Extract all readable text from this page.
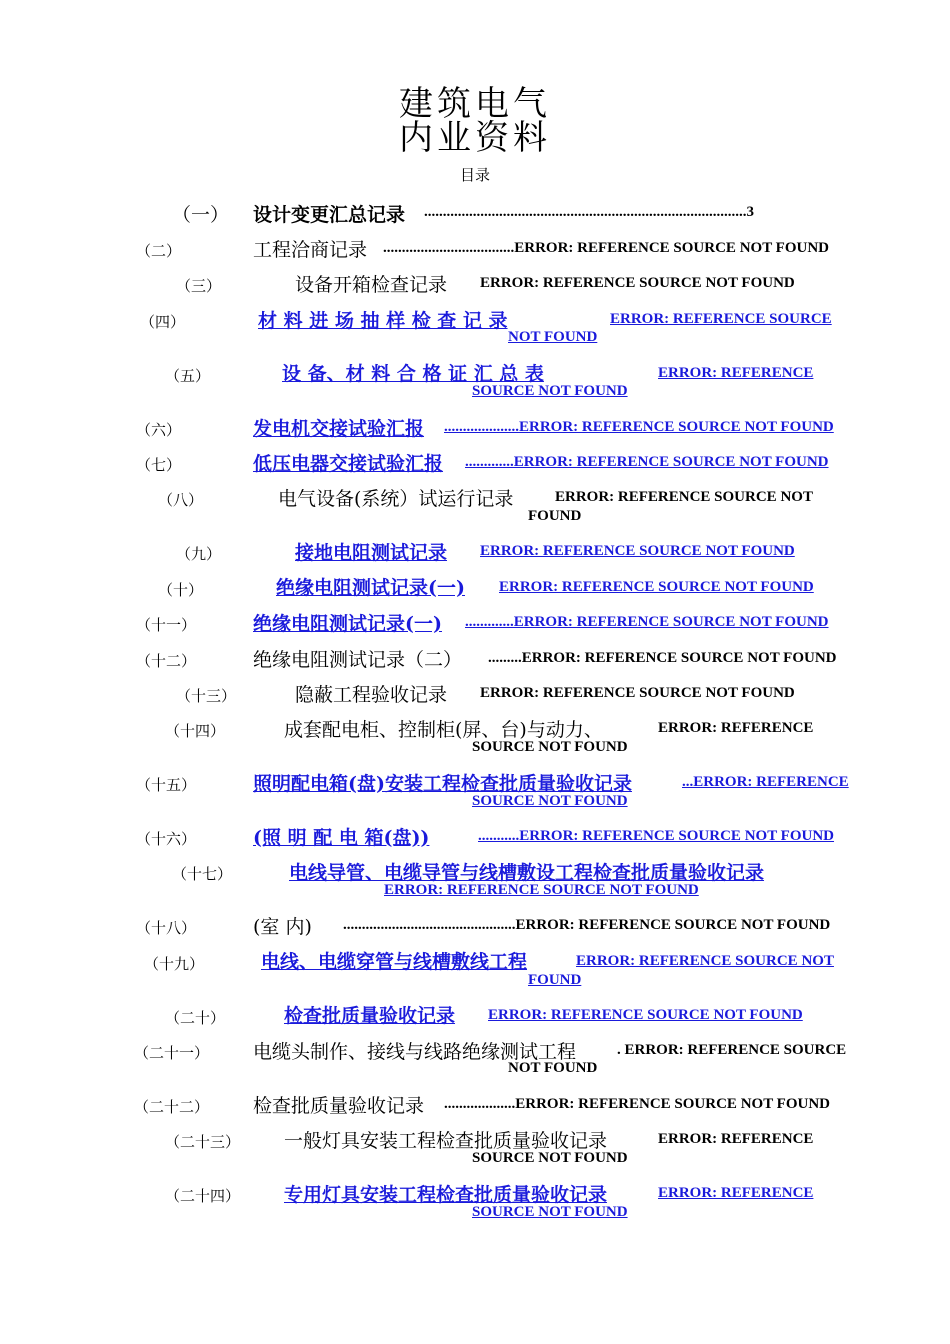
建筑电气
内业资料
目录
（一） 设计变更汇总记录 ......................................................................................3
（二）	工程洽商记录 ...................................ERROR: REFERENCE SOURCE NOT FOUND
（三）	设备开箱检查记录 ERROR: REFERENCE SOURCE NOT FOUND
（四）	材 料 进 场 抽 样 检 查 记 录	ERROR: REFERENCE SOURCE
NOT FOUND
（五）	设 备、材 料 合 格 证 汇 总 表	ERROR: REFERENCE
SOURCE NOT FOUND
（六）	发电机交接试验汇报 ....................ERROR: REFERENCE SOURCE NOT FOUND
（七）	低压电器交接试验汇报 .............ERROR: REFERENCE SOURCE NOT FOUND
（八）	电气设备(系统）试运行记录	ERROR: REFERENCE SOURCE NOT
FOUND
（九）	接地电阻测试记录 ERROR: REFERENCE SOURCE NOT FOUND
（十）	绝缘电阻测试记录(一) ERROR: REFERENCE SOURCE NOT FOUND
（十一）	绝缘电阻测试记录(一) .............ERROR: REFERENCE SOURCE NOT FOUND
（十二）	绝缘电阻测试记录（二） .........ERROR: REFERENCE SOURCE NOT FOUND
（十三）	隐蔽工程验收记录 ERROR: REFERENCE SOURCE NOT FOUND
（十四）	成套配电柜、控制柜(屏、台)与动力、	ERROR: REFERENCE
SOURCE NOT FOUND
（十五）	照明配电箱(盘)安装工程检查批质量验收记录	...ERROR: REFERENCE
SOURCE NOT FOUND
（十六）	(照 明 配 电 箱(盘))	...........ERROR: REFERENCE SOURCE NOT FOUND
（十七）	电线导管、电缆导管与线槽敷设工程检查批质量验收记录
ERROR: REFERENCE SOURCE NOT FOUND
（十八）	(室 内) ..............................................ERROR: REFERENCE SOURCE NOT FOUND
（十九）	电线、电缆穿管与线槽敷线工程	ERROR: REFERENCE SOURCE NOT
FOUND
（二十）	检查批质量验收记录 ERROR: REFERENCE SOURCE NOT FOUND
（二十一） 电缆头制作、接线与线路绝缘测试工程	. ERROR: REFERENCE SOURCE
NOT FOUND
（二十二） 检查批质量验收记录 ...................ERROR: REFERENCE SOURCE NOT FOUND
（二十三） 一般灯具安装工程检查批质量验收记录	ERROR: REFERENCE
SOURCE NOT FOUND
（二十四） 专用灯具安装工程检查批质量验收记录	ERROR: REFERENCE
SOURCE NOT FOUND
